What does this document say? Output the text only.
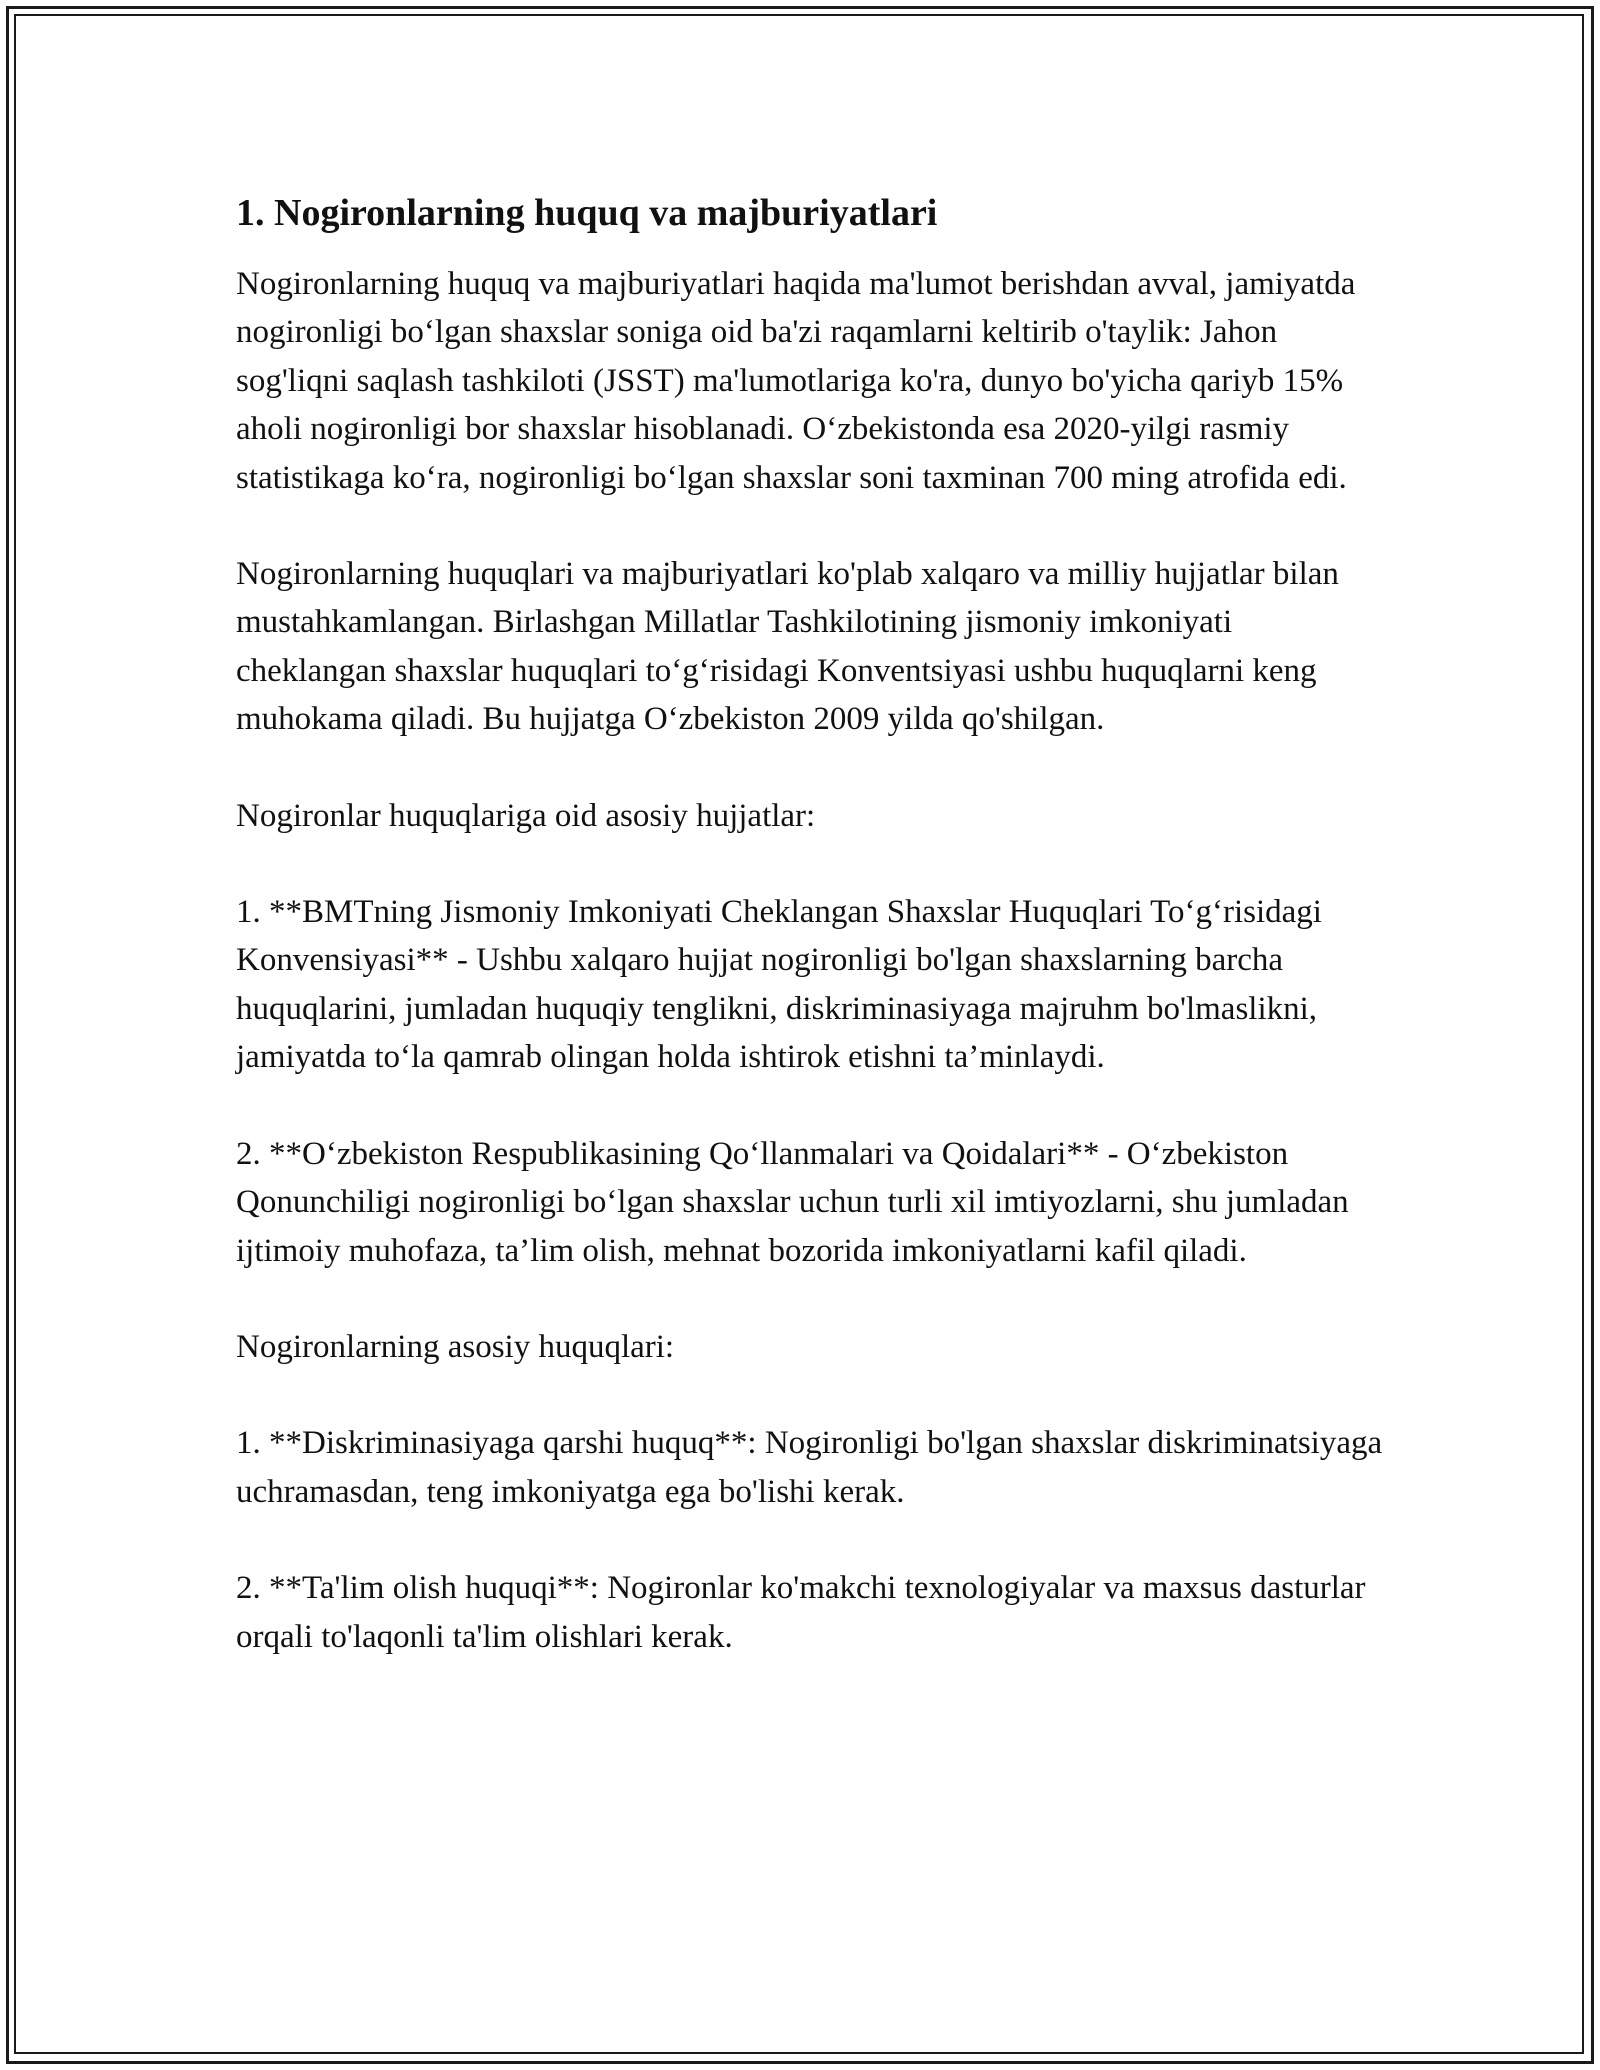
1. Nogironlarning huquq va majburiyatlari

Nogironlarning huquq va majburiyatlari haqida ma'lumot berishdan avval, jamiyatda nogironligi bo‘lgan shaxslar soniga oid ba'zi raqamlarni keltirib o'taylik: Jahon sog'liqni saqlash tashkiloti (JSST) ma'lumotlariga ko'ra, dunyo bo'yicha qariyb 15% aholi nogironligi bor shaxslar hisoblanadi. O‘zbekistonda esa 2020-yilgi rasmiy statistikaga ko‘ra, nogironligi bo‘lgan shaxslar soni taxminan 700 ming atrofida edi.

Nogironlarning huquqlari va majburiyatlari ko'plab xalqaro va milliy hujjatlar bilan mustahkamlangan. Birlashgan Millatlar Tashkilotining jismoniy imkoniyati cheklangan shaxslar huquqlari to‘g‘risidagi Konventsiyasi ushbu huquqlarni keng muhokama qiladi. Bu hujjatga O‘zbekiston 2009 yilda qo'shilgan.

Nogironlar huquqlariga oid asosiy hujjatlar:

1. **BMTning Jismoniy Imkoniyati Cheklangan Shaxslar Huquqlari To‘g‘risidagi Konvensiyasi** - Ushbu xalqaro hujjat nogironligi bo'lgan shaxslarning barcha huquqlarini, jumladan huquqiy tenglikni, diskriminasiyaga majruhm bo'lmaslikni, jamiyatda to‘la qamrab olingan holda ishtirok etishni ta’minlaydi.

2. **O‘zbekiston Respublikasining Qo‘llanmalari va Qoidalari** - O‘zbekiston Qonunchiligi nogironligi bo‘lgan shaxslar uchun turli xil imtiyozlarni, shu jumladan ijtimoiy muhofaza, ta’lim olish, mehnat bozorida imkoniyatlarni kafil qiladi.

Nogironlarning asosiy huquqlari:

1. **Diskriminasiyaga qarshi huquq**: Nogironligi bo'lgan shaxslar diskriminatsiyaga uchramasdan, teng imkoniyatga ega bo'lishi kerak.

2. **Ta'lim olish huquqi**: Nogironlar ko'makchi texnologiyalar va maxsus dasturlar orqali to'laqonli ta'lim olishlari kerak.
